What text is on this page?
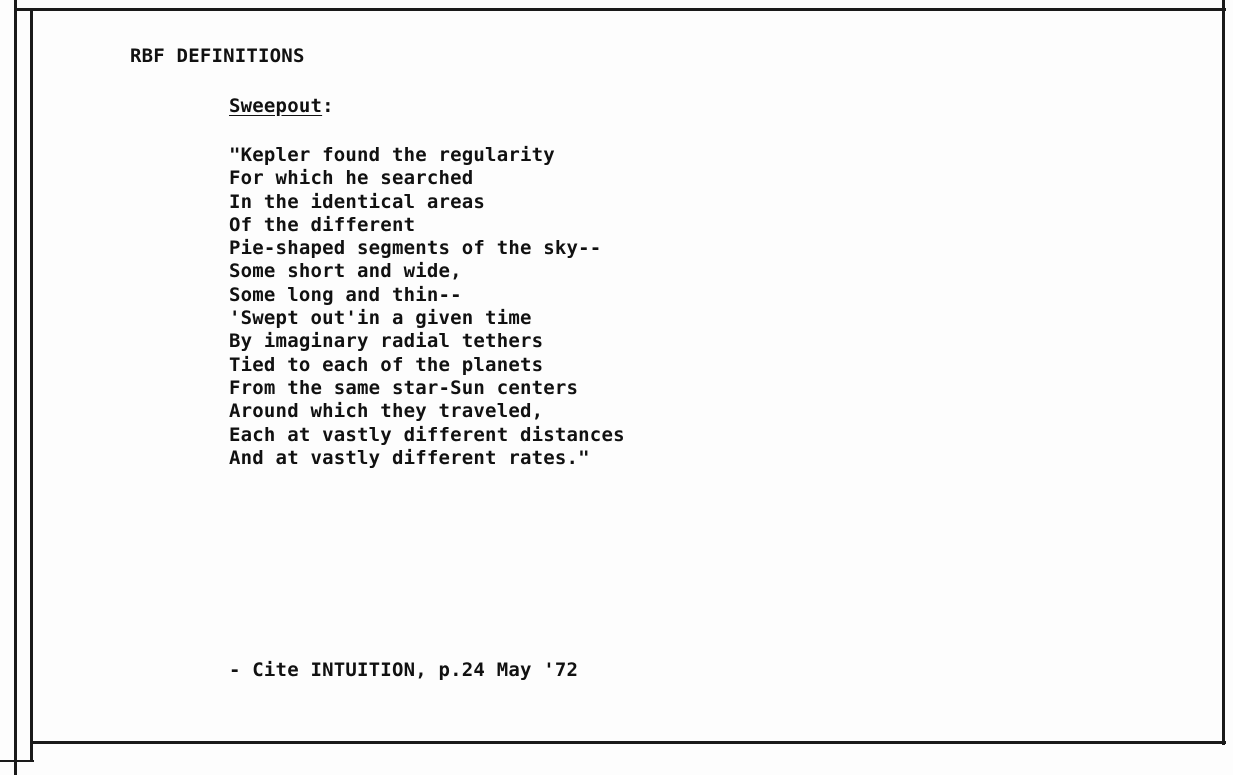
RBF DEFINITIONS
Sweepout:
"Kepler found the regularity
For which he searched
In the identical areas
Of the different
Pie-shaped segments of the sky--
Some short and wide,
Some long and thin--
'Swept out'in a given time
By imaginary radial tethers
Tied to each of the planets
From the same star-Sun centers
Around which they traveled,
Each at vastly different distances
And at vastly different rates."
- Cite INTUITION, p.24 May '72
